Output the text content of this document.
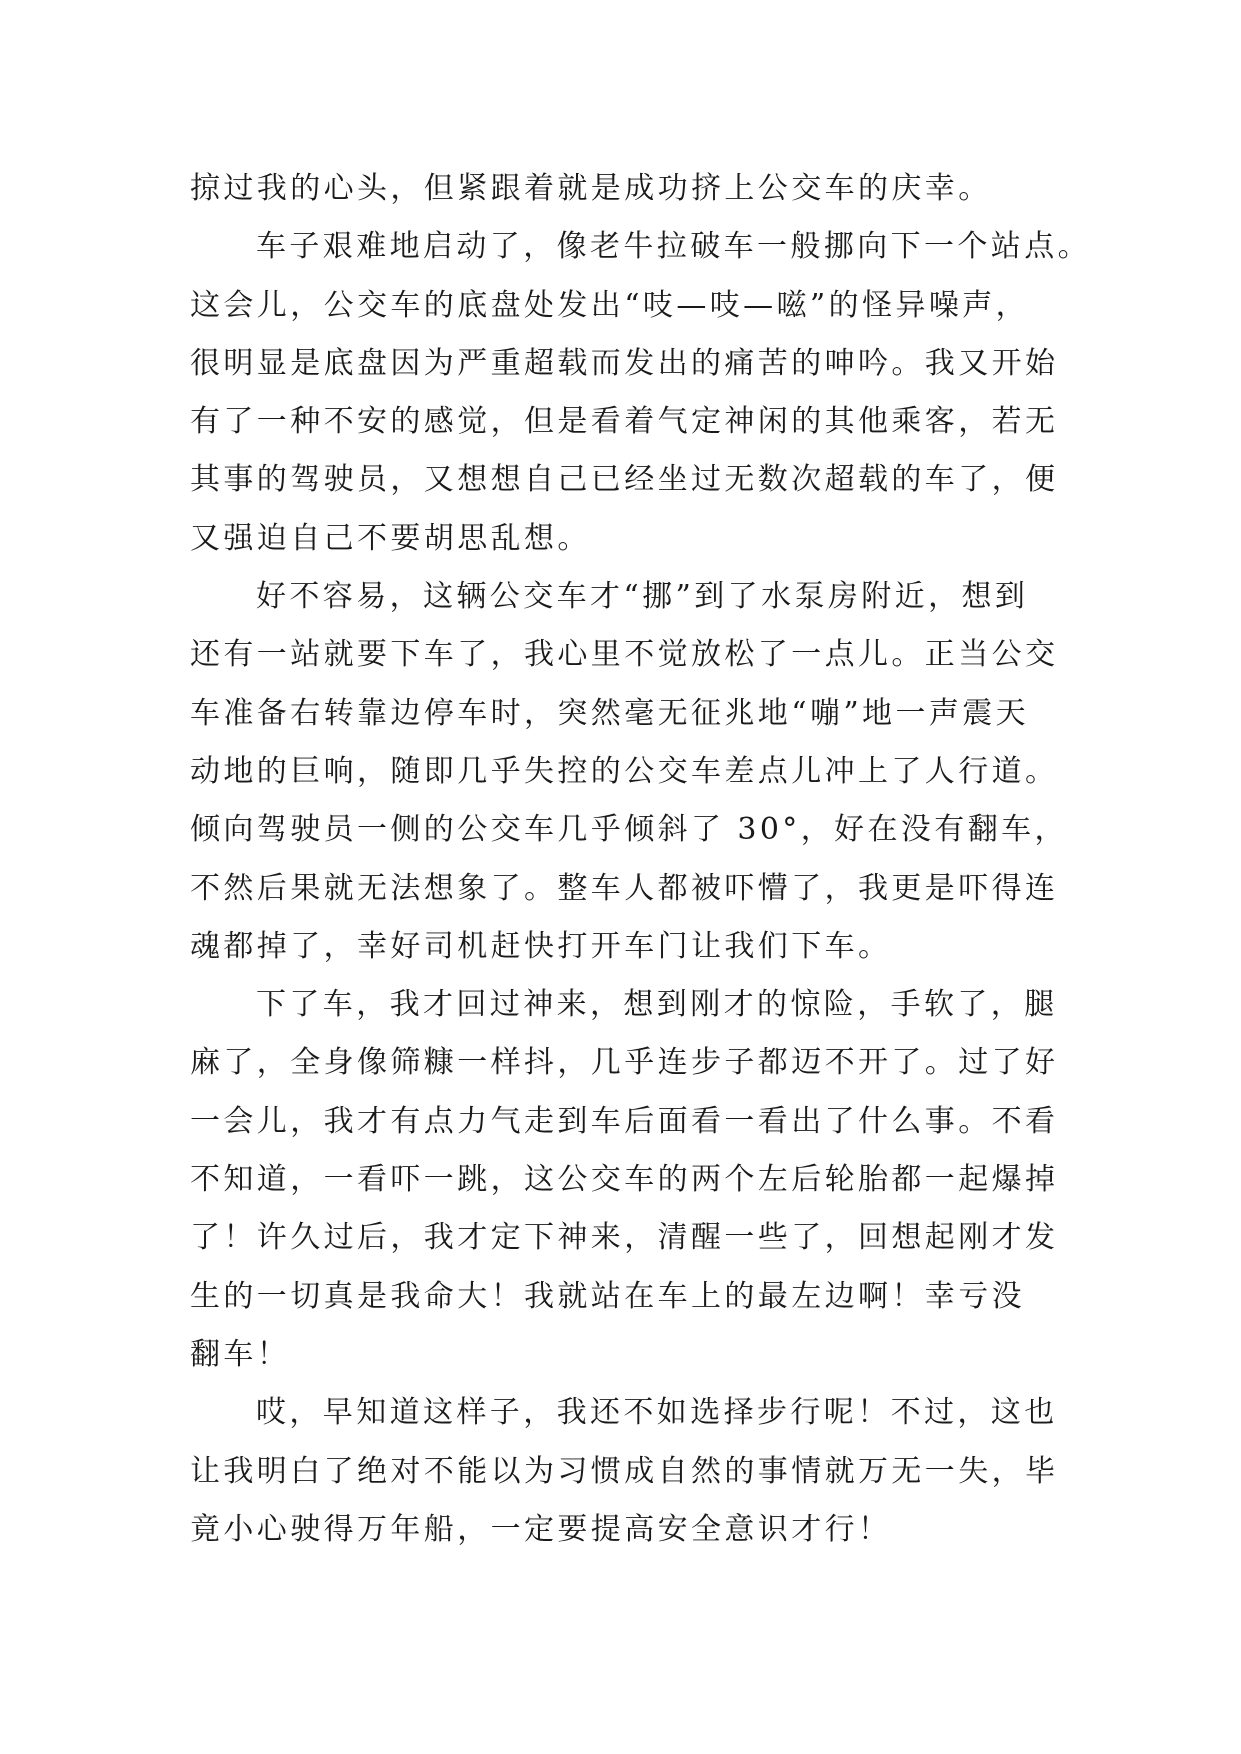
掠过我的心头，但紧跟着就是成功挤上公交车的庆幸。
车子艰难地启动了，像老牛拉破车一般挪向下一个站点。
这会儿，公交车的底盘处发出“吱—吱—嗞”的怪异噪声，
很明显是底盘因为严重超载而发出的痛苦的呻吟。我又开始
有了一种不安的感觉，但是看着气定神闲的其他乘客，若无
其事的驾驶员，又想想自己已经坐过无数次超载的车了，便
又强迫自己不要胡思乱想。
好不容易，这辆公交车才“挪”到了水泵房附近，想到
还有一站就要下车了，我心里不觉放松了一点儿。正当公交
车准备右转靠边停车时，突然毫无征兆地“嘣”地一声震天
动地的巨响，随即几乎失控的公交车差点儿冲上了人行道。
倾向驾驶员一侧的公交车几乎倾斜了 30°，好在没有翻车，
不然后果就无法想象了。整车人都被吓懵了，我更是吓得连
魂都掉了，幸好司机赶快打开车门让我们下车。
下了车，我才回过神来，想到刚才的惊险，手软了，腿
麻了，全身像筛糠一样抖，几乎连步子都迈不开了。过了好
一会儿，我才有点力气走到车后面看一看出了什么事。不看
不知道，一看吓一跳，这公交车的两个左后轮胎都一起爆掉
了！许久过后，我才定下神来，清醒一些了，回想起刚才发
生的一切真是我命大！我就站在车上的最左边啊！幸亏没
翻车！
哎，早知道这样子，我还不如选择步行呢！不过，这也
让我明白了绝对不能以为习惯成自然的事情就万无一失，毕
竟小心驶得万年船，一定要提高安全意识才行！
